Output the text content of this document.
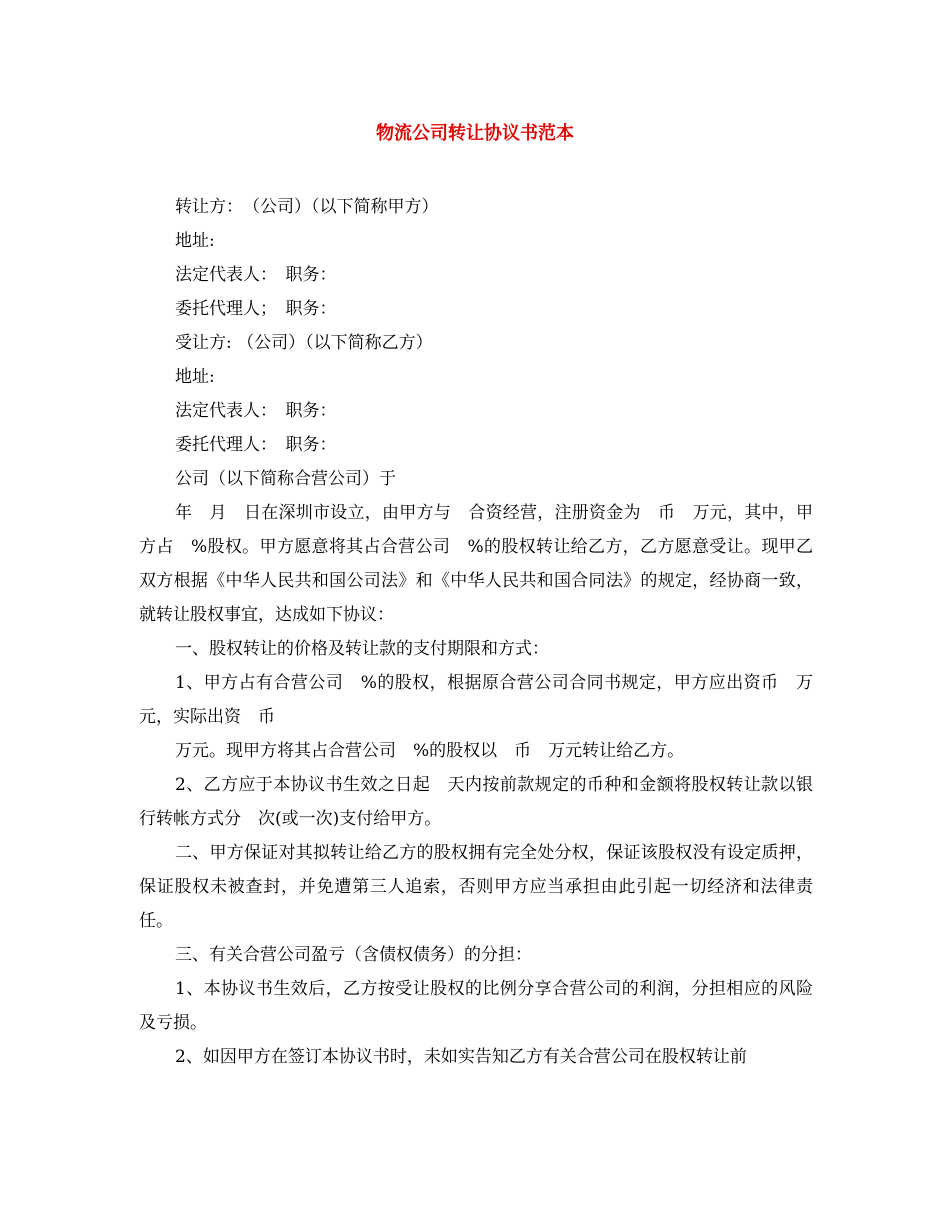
物流公司转让协议书范本

转让方：　（公司）（以下简称甲方）

地址:

法定代表人：　职务：

委托代理人；　职务：

受让方: （公司）（以下简称乙方）

地址:

法定代表人：　职务：

委托代理人：　职务：

公司（以下简称合营公司）于

年　月　日在深圳市设立，由甲方与　合资经营，注册资金为　币　万元，其中，甲方占　%股权。甲方愿意将其占合营公司　%的股权转让给乙方，乙方愿意受让。现甲乙双方根据《中华人民共和国公司法》和《中华人民共和国合同法》的规定，经协商一致，就转让股权事宜，达成如下协议：

一、股权转让的价格及转让款的支付期限和方式：

1、甲方占有合营公司　%的股权，根据原合营公司合同书规定，甲方应出资币　万元，实际出资　币

万元。现甲方将其占合营公司　%的股权以　币　万元转让给乙方。

2、乙方应于本协议书生效之日起　天内按前款规定的币种和金额将股权转让款以银行转帐方式分　次(或一次)支付给甲方。

二、甲方保证对其拟转让给乙方的股权拥有完全处分权，保证该股权没有设定质押，保证股权未被查封，并免遭第三人追索，否则甲方应当承担由此引起一切经济和法律责任。

三、有关合营公司盈亏（含债权债务）的分担：

1、本协议书生效后，乙方按受让股权的比例分享合营公司的利润，分担相应的风险及亏损。

2、如因甲方在签订本协议书时，未如实告知乙方有关合营公司在股权转让前
